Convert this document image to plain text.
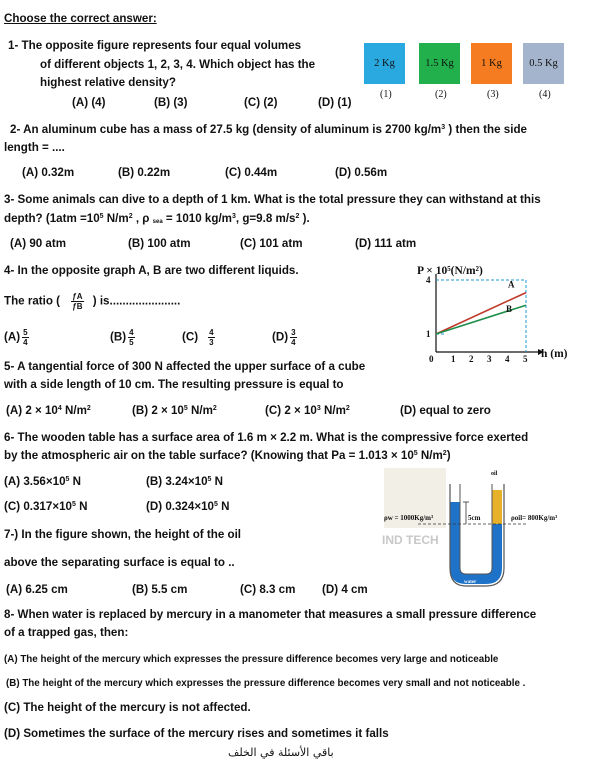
Choose the correct answer:
1- The opposite figure represents four equal volumes
of different objects 1, 2, 3, 4. Which object has the
highest relative density?
(A) (4)	(B) (3)	(C) (2)	(D) (1)
2 Kg	1.5 Kg	1 Kg	0.5 Kg
(1)	(2)	(3)	(4)
2- An aluminum cube has a mass of 27.5 kg (density of aluminum is 2700 $kg/m^3$ ) then the side
length = ....
(A) 0.32m	(B) 0.22m	(C) 0.44m	(D) 0.56m
3- Some animals can dive to a depth of 1 km. What is the total pressure they can withstand at this
depth? ($1atm =10^5$ $N/m^2$ , ρ $_{sea}$ = 1010 $kg/m^3$, g=9.8 $m/s^2$ ).
(A) 90 atm	(B) 100 atm	(C) 101 atm	(D) 111 atm
4- In the opposite graph A, B are two different liquids.
The ratio ( $\frac{ƒA}{ƒB}$ ) is......................
$(A) \frac{5}{4}$	$(B) \frac{4}{5}$	$(C) \frac{4}{3}$	$(D) \frac{3}{4}$
P × 10⁵(N/m²)
A
B
0 1 2 3 4 5
1
4
h (m)
5- A tangential force of 300 N affected the upper surface of a cube
with a side length of 10 cm. The resulting pressure is equal to
(A) $2 \times 10^4$ $N/m^2$	(B) $2 \times 10^5$ $N/m^2$	(C) $2 \times 10^3$ $N/m^2$	(D) equal to zero
6- The wooden table has a surface area of 1.6 m × 2.2 m. What is the compressive force exerted
by the atmospheric air on the table surface? (Knowing that $Pa = 1.013 \times 10^5$ $N/m^2$)
(A) $3.56\times 10^5$ N	(B) $3.24\times 10^5$ N
(C) $0.317\times 10^5$ N	(D) $0.324\times 10^5$ N
7-) In the figure shown, the height of the oil
above the separating surface is equal to ..
(A) 6.25 cm	(B) 5.5 cm	(C) 8.3 cm (D) 4 cm
IND TECH
ρw = 1000Kg/m³	5cm	ρoil= 800Kg/m³
oil
water
8- When water is replaced by mercury in a manometer that measures a small pressure difference
of a trapped gas, then:
(A) The height of the mercury which expresses the pressure difference becomes very large and noticeable
(B) The height of the mercury which expresses the pressure difference becomes very small and not noticeable .
(C) The height of the mercury is not affected.
(D) Sometimes the surface of the mercury rises and sometimes it falls
باقي الأسئلة في الخلف
